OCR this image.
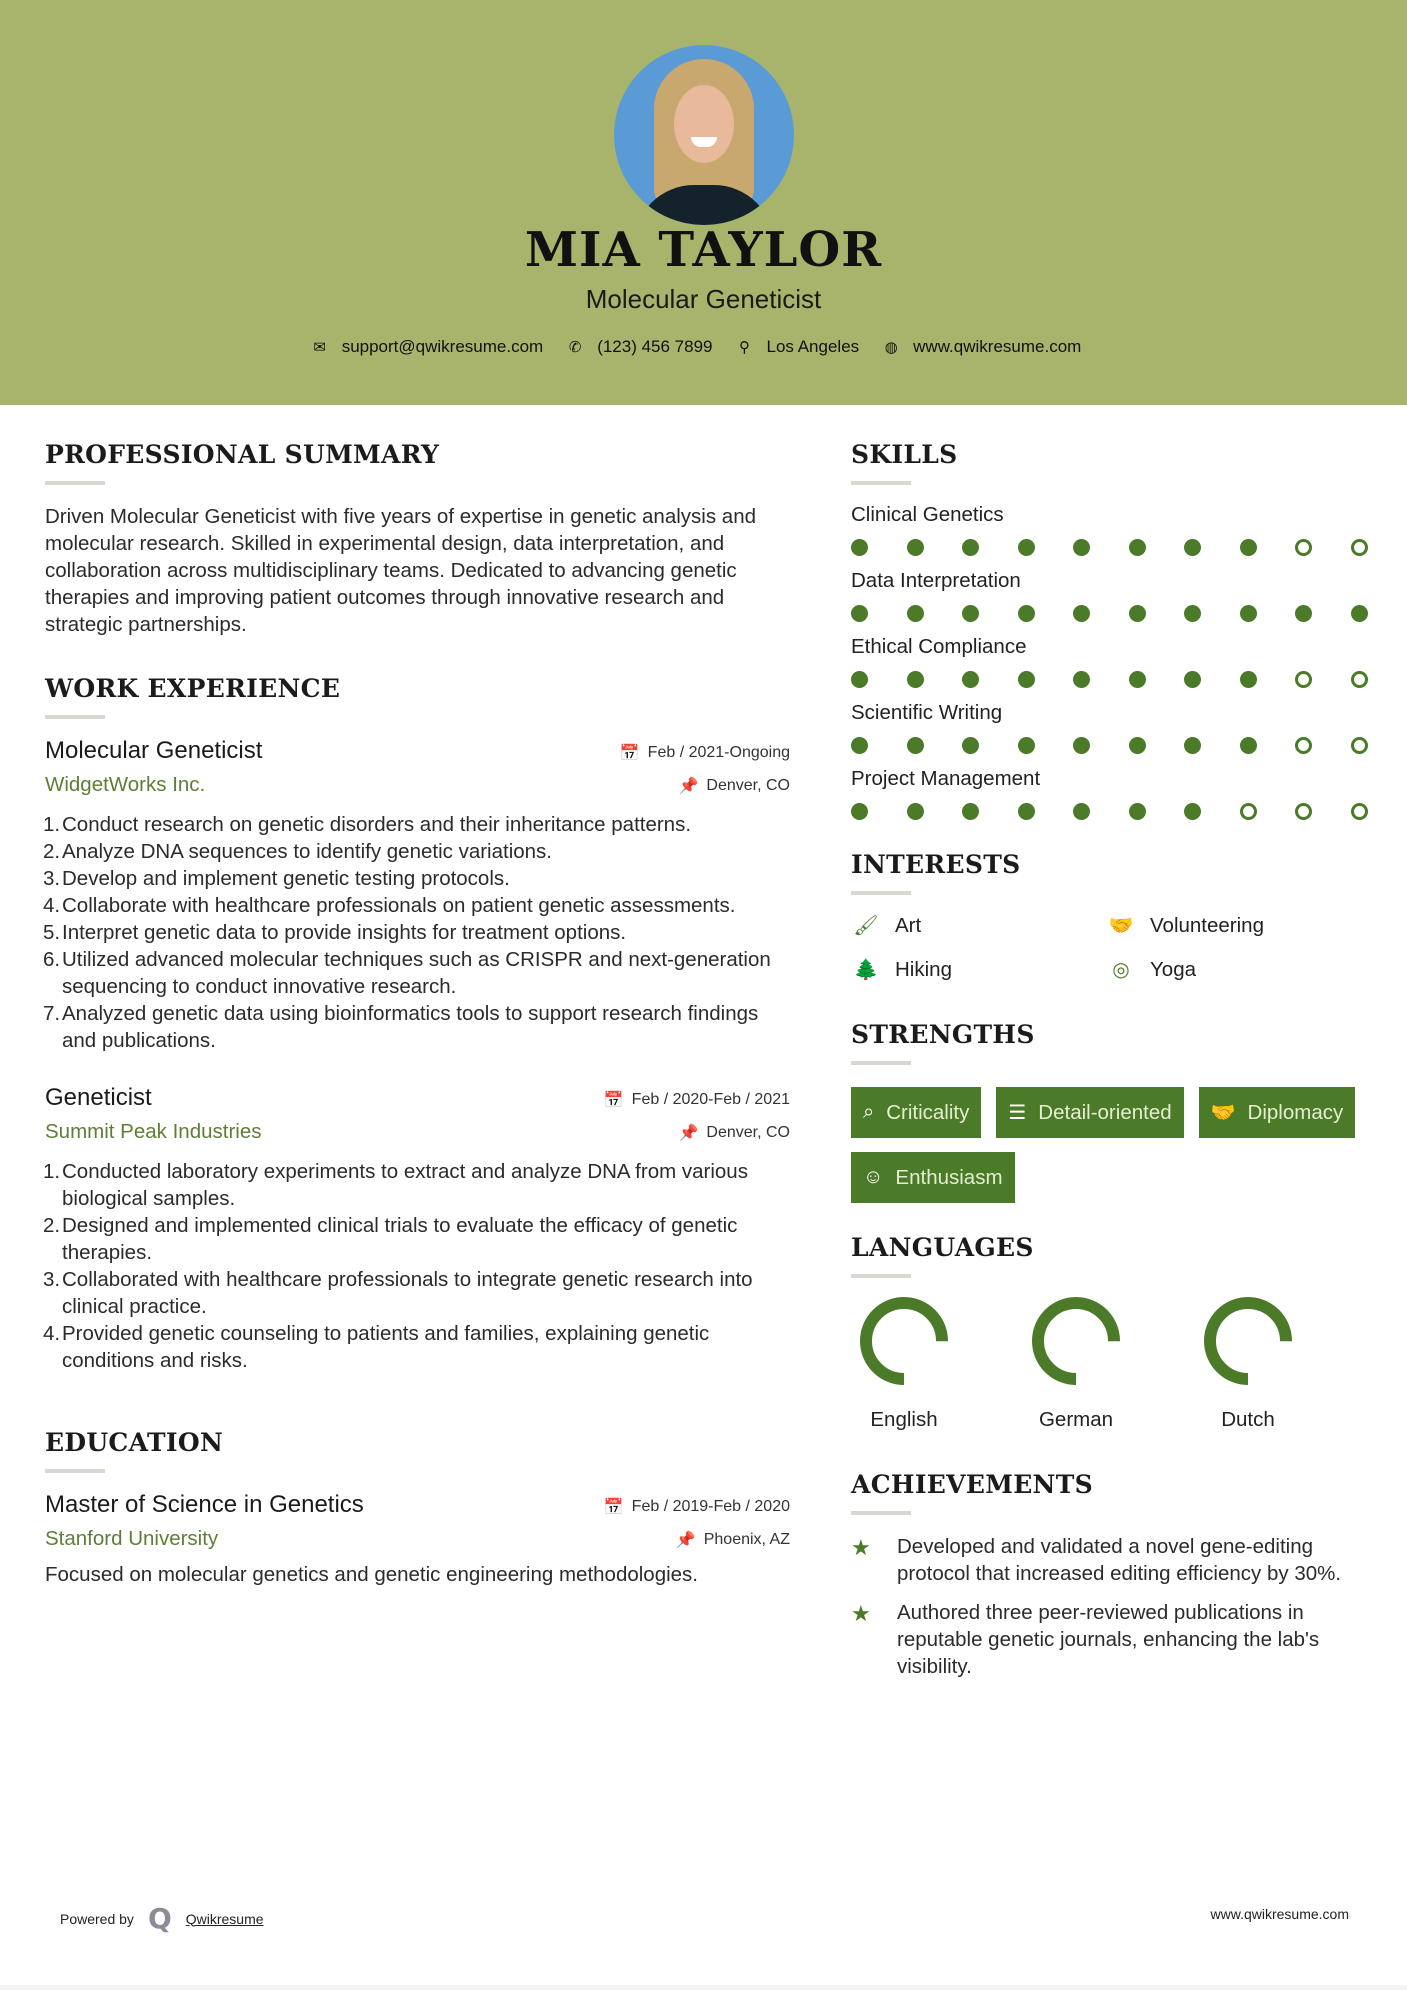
MIA TAYLOR
Molecular Geneticist
✉ support@qwikresume.com ✆ (123) 456 7899 ⚲ Los Angeles ◍ www.qwikresume.com
PROFESSIONAL SUMMARY

Driven Molecular Geneticist with five years of expertise in genetic analysis and molecular research. Skilled in experimental design, data interpretation, and collaboration across multidisciplinary teams. Dedicated to advancing genetic therapies and improving patient outcomes through innovative research and strategic partnerships.

WORK EXPERIENCE
Molecular Geneticist	📅 Feb / 2021-Ongoing
WidgetWorks Inc.	📌 Denver, CO
1. Conduct research on genetic disorders and their inheritance patterns.
2. Analyze DNA sequences to identify genetic variations.
3. Develop and implement genetic testing protocols.
4. Collaborate with healthcare professionals on patient genetic assessments.
5. Interpret genetic data to provide insights for treatment options.
6. Utilized advanced molecular techniques such as CRISPR and next-generation sequencing to conduct innovative research.
7. Analyzed genetic data using bioinformatics tools to support research findings and publications.
Geneticist	📅 Feb / 2020-Feb / 2021
Summit Peak Industries	📌 Denver, CO
1. Conducted laboratory experiments to extract and analyze DNA from various biological samples.
2. Designed and implemented clinical trials to evaluate the efficacy of genetic therapies.
3. Collaborated with healthcare professionals to integrate genetic research into clinical practice.
4. Provided genetic counseling to patients and families, explaining genetic conditions and risks.
EDUCATION
Master of Science in Genetics	📅 Feb / 2019-Feb / 2020
Stanford University	📌 Phoenix, AZ

Focused on molecular genetics and genetic engineering methodologies.

SKILLS
Clinical Genetics
Data Interpretation
Ethical Compliance
Scientific Writing
Project Management
INTERESTS
🖌 Art	🤝 Volunteering
🌲 Hiking	◎ Yoga
STRENGTHS
⌕ Criticality ☰ Detail-oriented 🤝 Diplomacy
☺ Enthusiasm
LANGUAGES
English	German	Dutch
ACHIEVEMENTS
★	Developed and validated a novel gene-editing protocol that increased editing efficiency by 30%.
★	Authored three peer-reviewed publications in reputable genetic journals, enhancing the lab's visibility.
Powered by Q Qwikresume	www.qwikresume.com
